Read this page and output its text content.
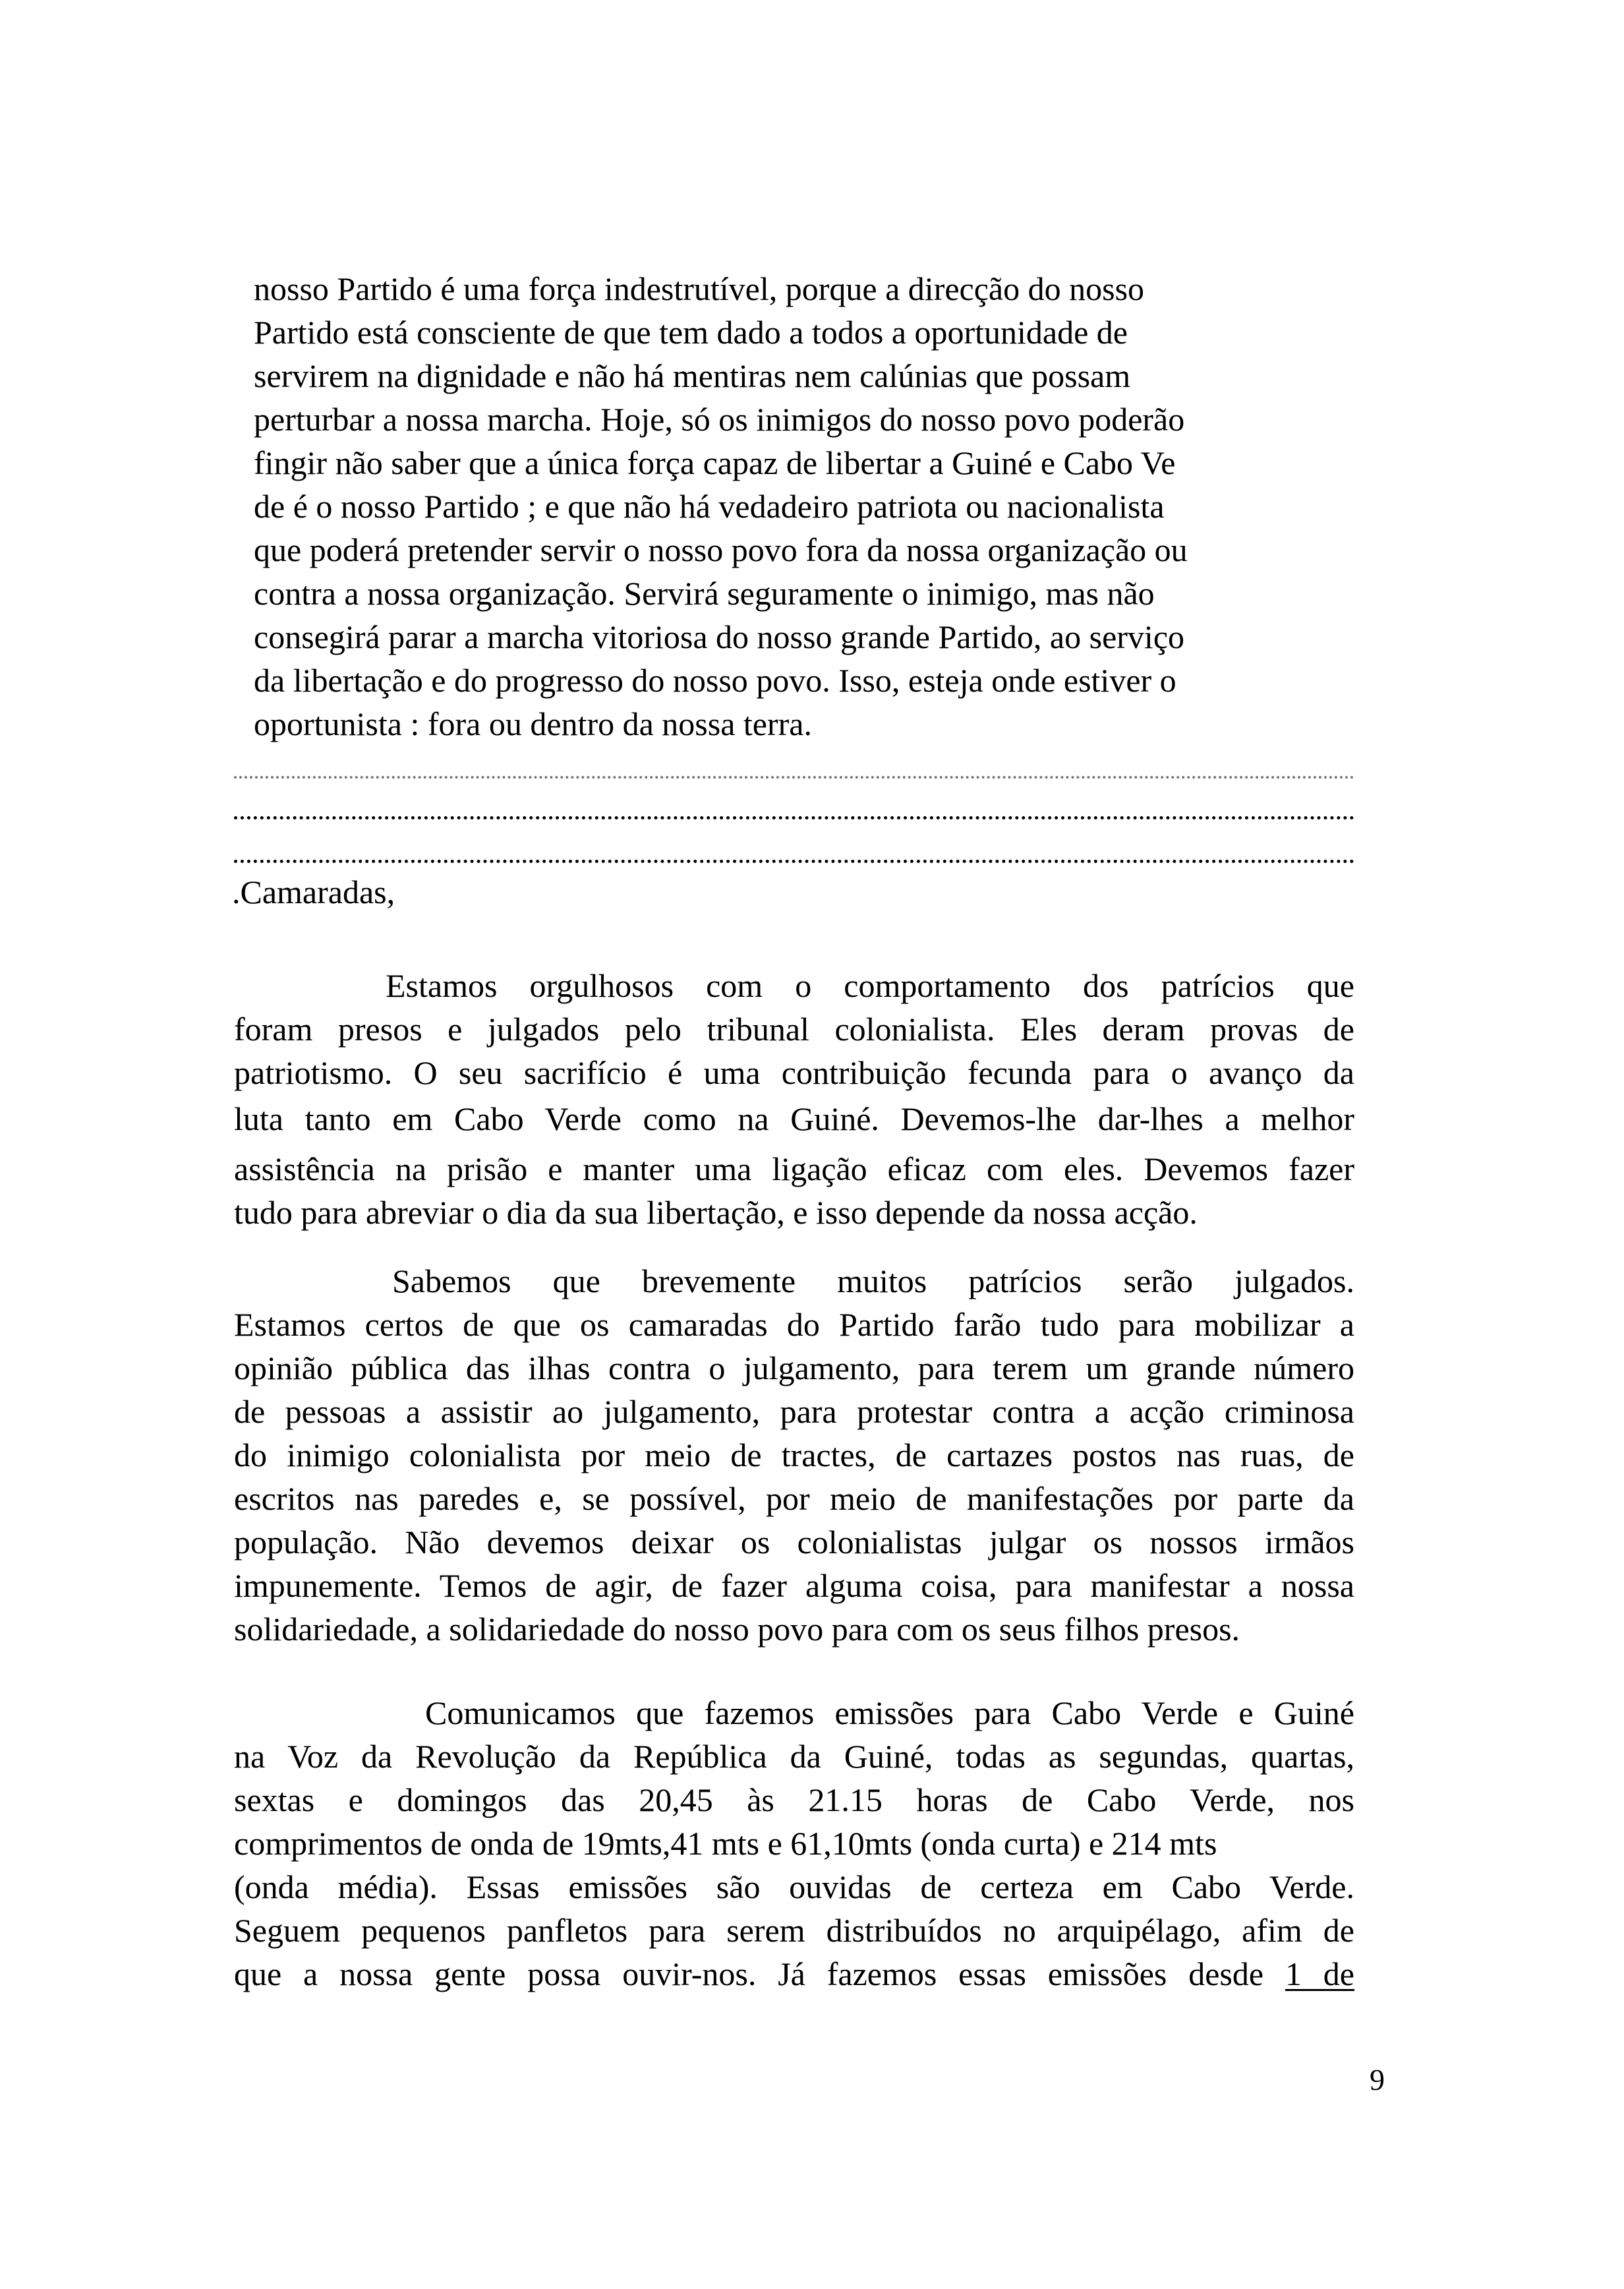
nosso Partido é uma força indestrutível, porque a direcção do nosso
Partido está consciente de que tem dado a todos a oportunidade de
servirem na dignidade e não há mentiras nem calúnias que possam
perturbar a nossa marcha. Hoje, só os inimigos do nosso povo poderão
fingir não saber que a única força capaz de libertar a Guiné e Cabo Ve
de é o nosso Partido ; e que não há vedadeiro patriota ou nacionalista
que poderá pretender servir o nosso povo fora da nossa organização ou
contra a nossa organização. Servirá seguramente o inimigo, mas não
consegirá parar a marcha vitoriosa do nosso grande Partido, ao serviço
da libertação e do progresso do nosso povo. Isso, esteja onde estiver o
oportunista : fora ou dentro da nossa terra.
.Camaradas,
Estamos orgulhosos com o comportamento dos patrícios que
foram presos e julgados pelo tribunal colonialista. Eles deram provas de
patriotismo. O seu sacrifício é uma contribuição fecunda para o avanço da
luta tanto em Cabo Verde como na Guiné. Devemos-lhe dar-lhes a melhor
assistência na prisão e manter uma ligação eficaz com eles. Devemos fazer
tudo para abreviar o dia da sua libertação, e isso depende da nossa acção.
Sabemos que brevemente muitos patrícios serão julgados.
Estamos certos de que os camaradas do Partido farão tudo para mobilizar a
opinião pública das ilhas contra o julgamento, para terem um grande número
de pessoas a assistir ao julgamento, para protestar contra a acção criminosa
do inimigo colonialista por meio de tractes, de cartazes postos nas ruas, de
escritos nas paredes e, se possível, por meio de manifestações por parte da
população. Não devemos deixar os colonialistas julgar os nossos irmãos
impunemente. Temos de agir, de fazer alguma coisa, para manifestar a nossa
solidariedade, a solidariedade do nosso povo para com os seus filhos presos.
Comunicamos que fazemos emissões para Cabo Verde e Guiné
na Voz da Revolução da República da Guiné, todas as segundas, quartas,
sextas e domingos das 20,45 às 21.15 horas de Cabo Verde, nos
comprimentos de onda de 19mts,41 mts e 61,10mts (onda curta) e 214 mts
(onda média). Essas emissões são ouvidas de certeza em Cabo Verde.
Seguem pequenos panfletos para serem distribuídos no arquipélago, afim de
que a nossa gente possa ouvir-nos. Já fazemos essas emissões desde 1 de
9
